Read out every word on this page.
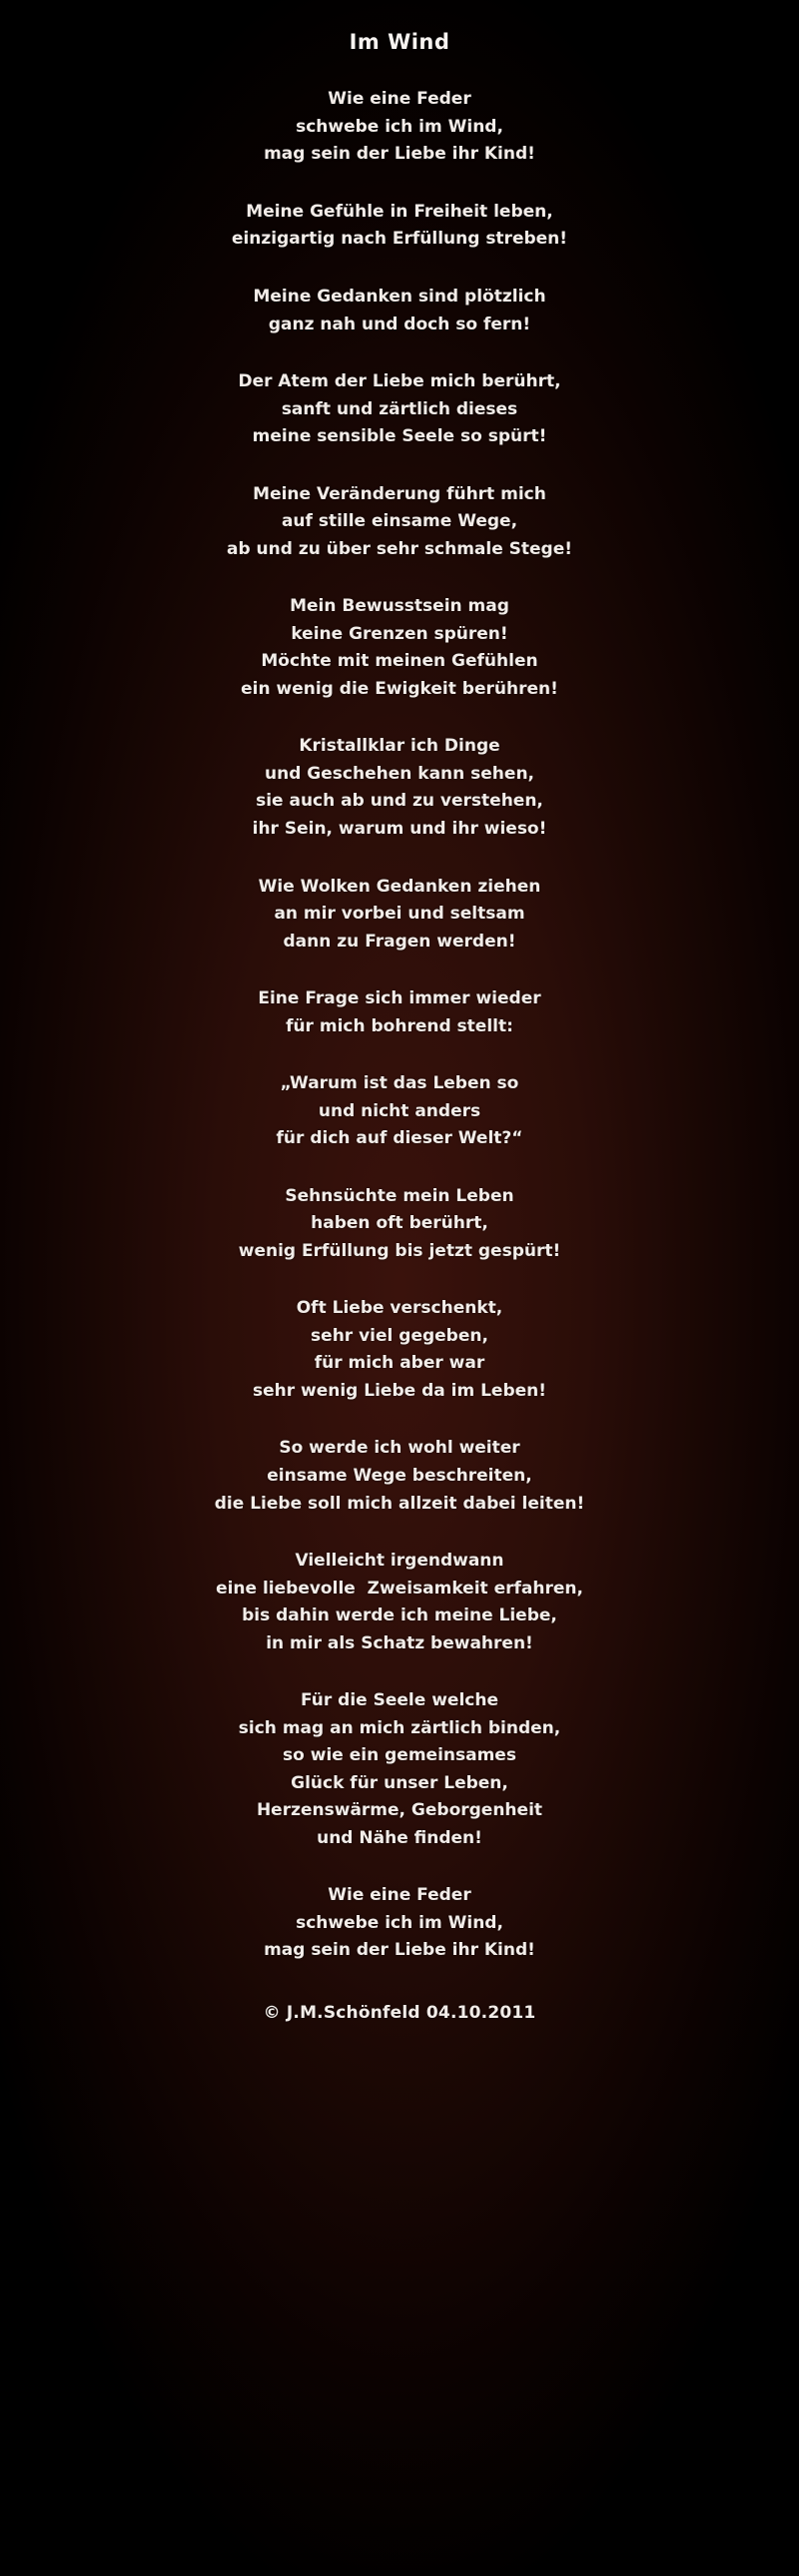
Im Wind
Wie eine Feder
schwebe ich im Wind,
mag sein der Liebe ihr Kind!
Meine Gefühle in Freiheit leben,
einzigartig nach Erfüllung streben!
Meine Gedanken sind plötzlich
ganz nah und doch so fern!
Der Atem der Liebe mich berührt,
sanft und zärtlich dieses
meine sensible Seele so spürt!
Meine Veränderung führt mich
auf stille einsame Wege,
ab und zu über sehr schmale Stege!
Mein Bewusstsein mag
keine Grenzen spüren!
Möchte mit meinen Gefühlen
ein wenig die Ewigkeit berühren!
Kristallklar ich Dinge
und Geschehen kann sehen,
sie auch ab und zu verstehen,
ihr Sein, warum und ihr wieso!
Wie Wolken Gedanken ziehen
an mir vorbei und seltsam
dann zu Fragen werden!
Eine Frage sich immer wieder
für mich bohrend stellt:
„Warum ist das Leben so
und nicht anders
für dich auf dieser Welt?“
Sehnsüchte mein Leben
haben oft berührt,
wenig Erfüllung bis jetzt gespürt!
Oft Liebe verschenkt,
sehr viel gegeben,
für mich aber war
sehr wenig Liebe da im Leben!
So werde ich wohl weiter
einsame Wege beschreiten,
die Liebe soll mich allzeit dabei leiten!
Vielleicht irgendwann
eine liebevolle  Zweisamkeit erfahren,
bis dahin werde ich meine Liebe,
in mir als Schatz bewahren!
Für die Seele welche
sich mag an mich zärtlich binden,
so wie ein gemeinsames
Glück für unser Leben,
Herzenswärme, Geborgenheit
und Nähe finden!
Wie eine Feder
schwebe ich im Wind,
mag sein der Liebe ihr Kind!
© J.M.Schönfeld 04.10.2011
